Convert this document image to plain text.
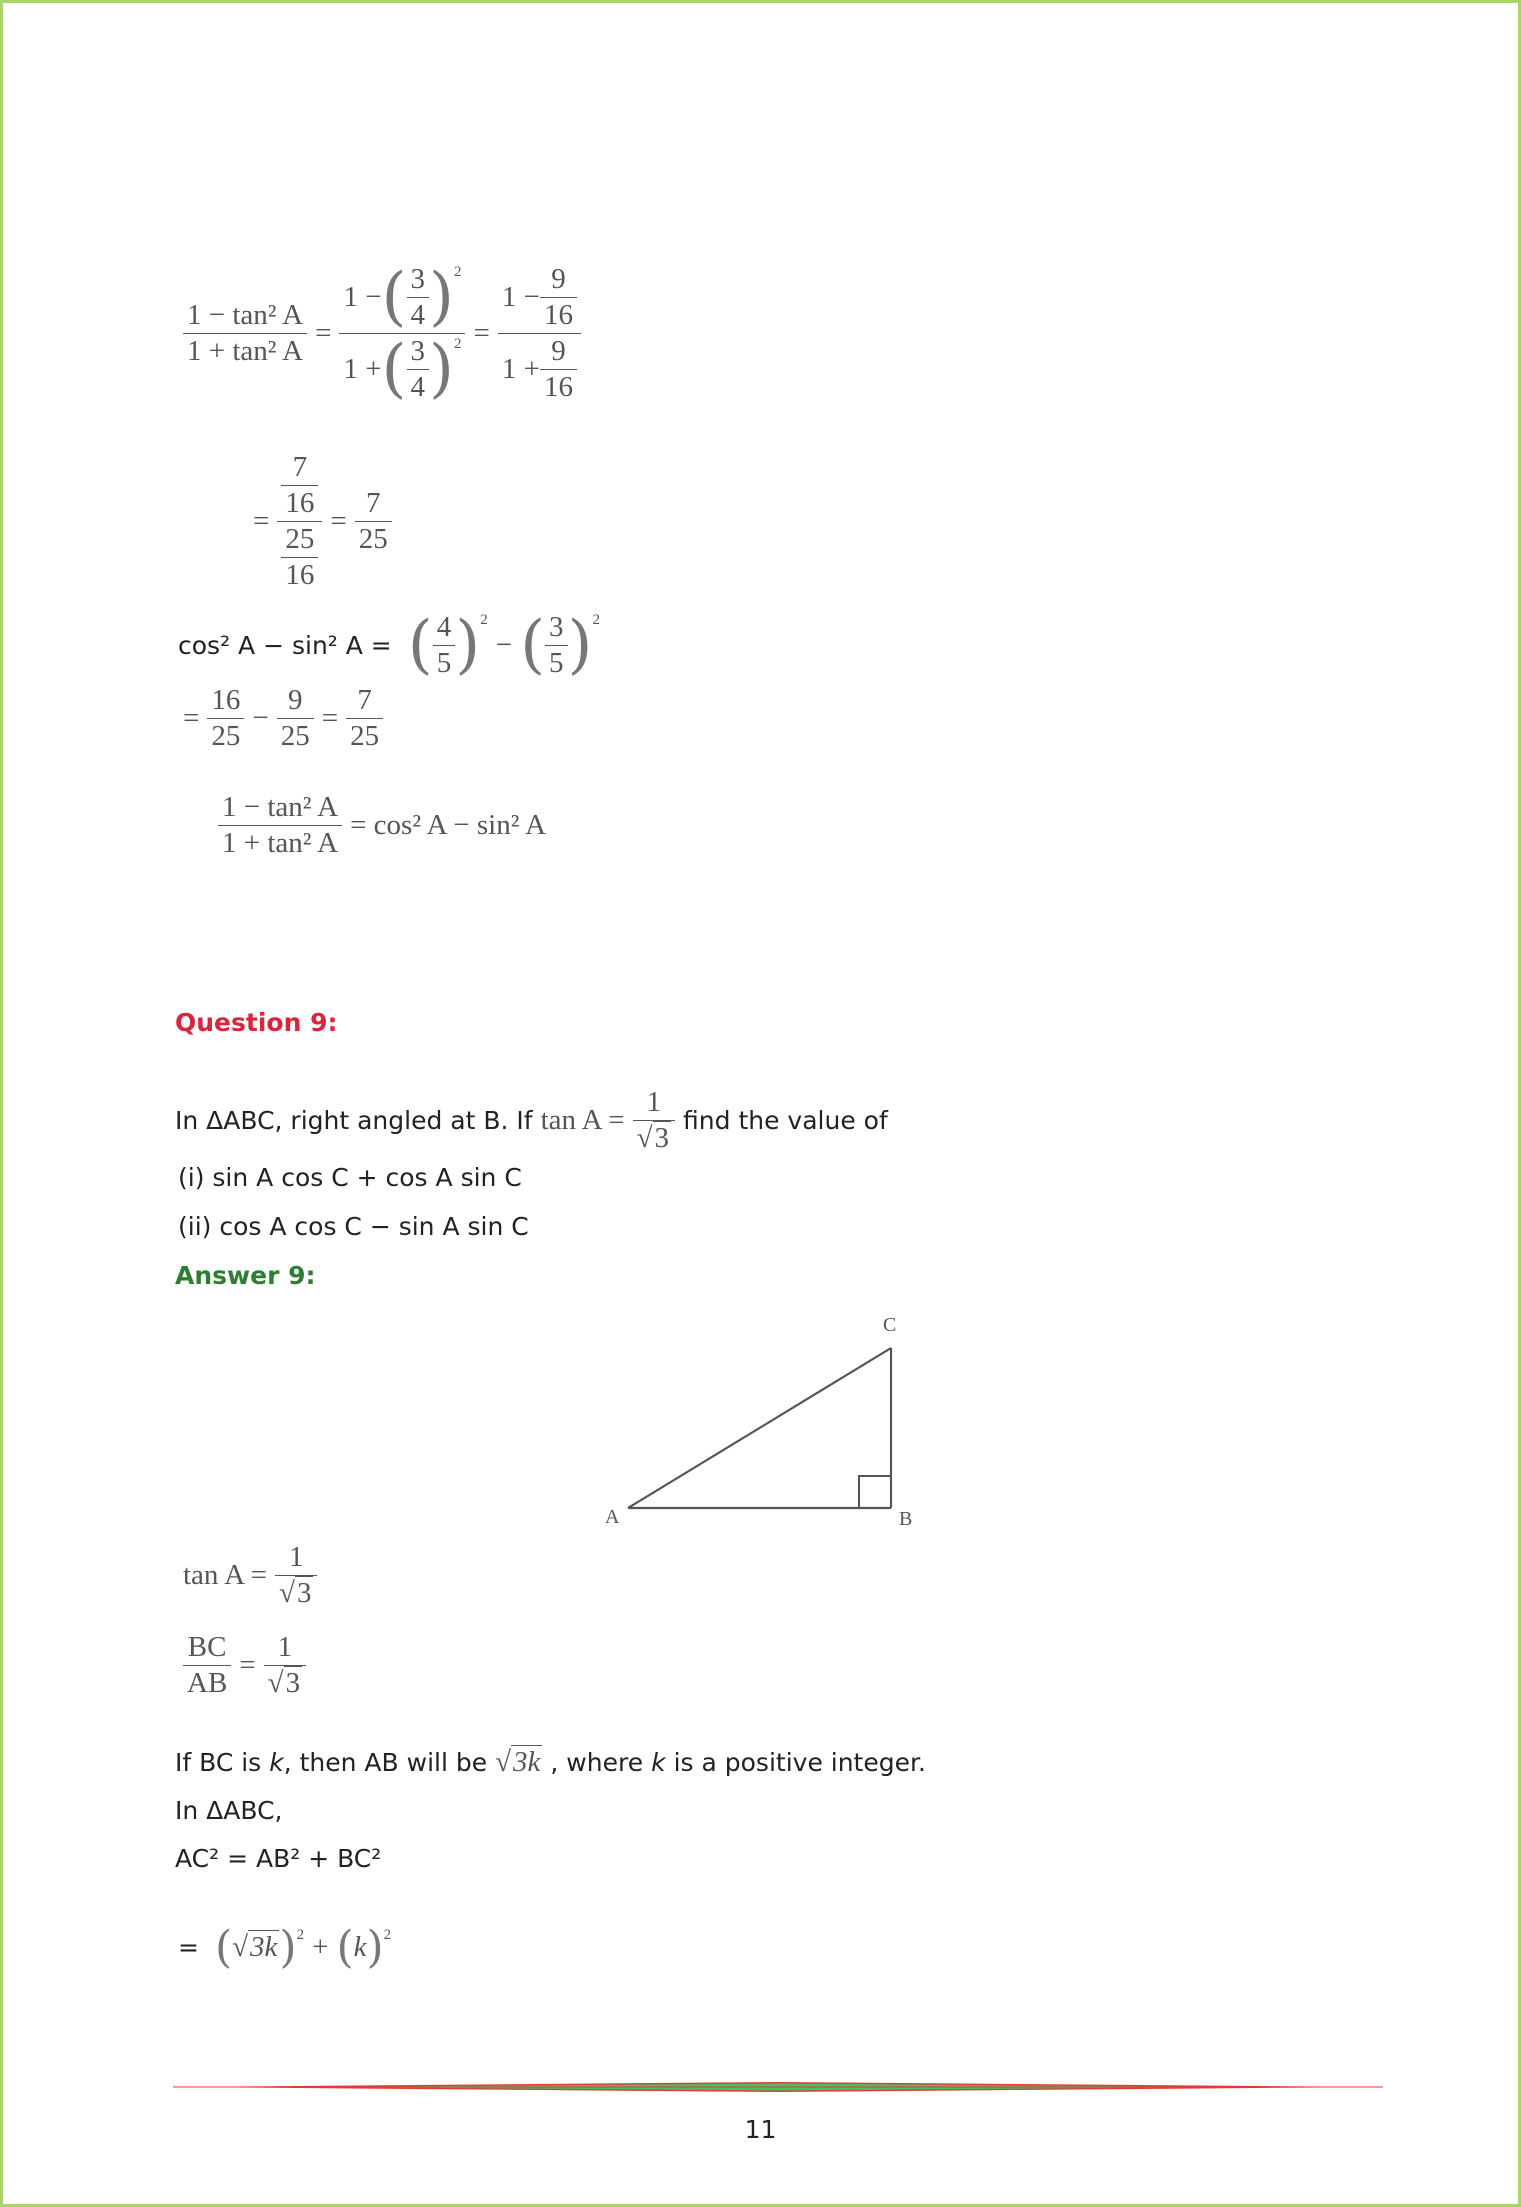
$\frac{\text{1 − tan² A}}{\text{1 + tan² A}} = \frac{1 - ( \frac{3}{4} ) 2}{1 + ( \frac{3}{4} ) 2} = \frac{1 - \frac{9}{16}}{1 + \frac{9}{16}}$
= $\frac{\frac{7}{16}}{\frac{25}{16}} = \frac{7}{25}$
cos² A − sin² A = ( $\frac{4}{5}$ ) 2
− ( $\frac{3}{5}$ ) 2
= $\frac{16}{25} - \frac{9}{25} = \frac{7}{25}$
$\frac{\text{1 − tan² A}}{\text{1 + tan² A}} = \cos^2$ A − sin² A
Question 9:
In ΔABC, right angled at B. If $\tan A = \frac{1}{√3}$ find the value of
(i) sin A cos C + cos A sin C
(ii) cos A cos C − sin A sin C
Answer 9:
A	B
C
$\tan A = \frac{1}{√3}$
$\frac{BC}{AB} = \frac{1}{√3}$
If BC is k , then AB will be √3k , where k is a positive integer.
In ΔABC,
AC² = AB² + BC²
= ( √3k ) 2 + ( k ) 2
11
